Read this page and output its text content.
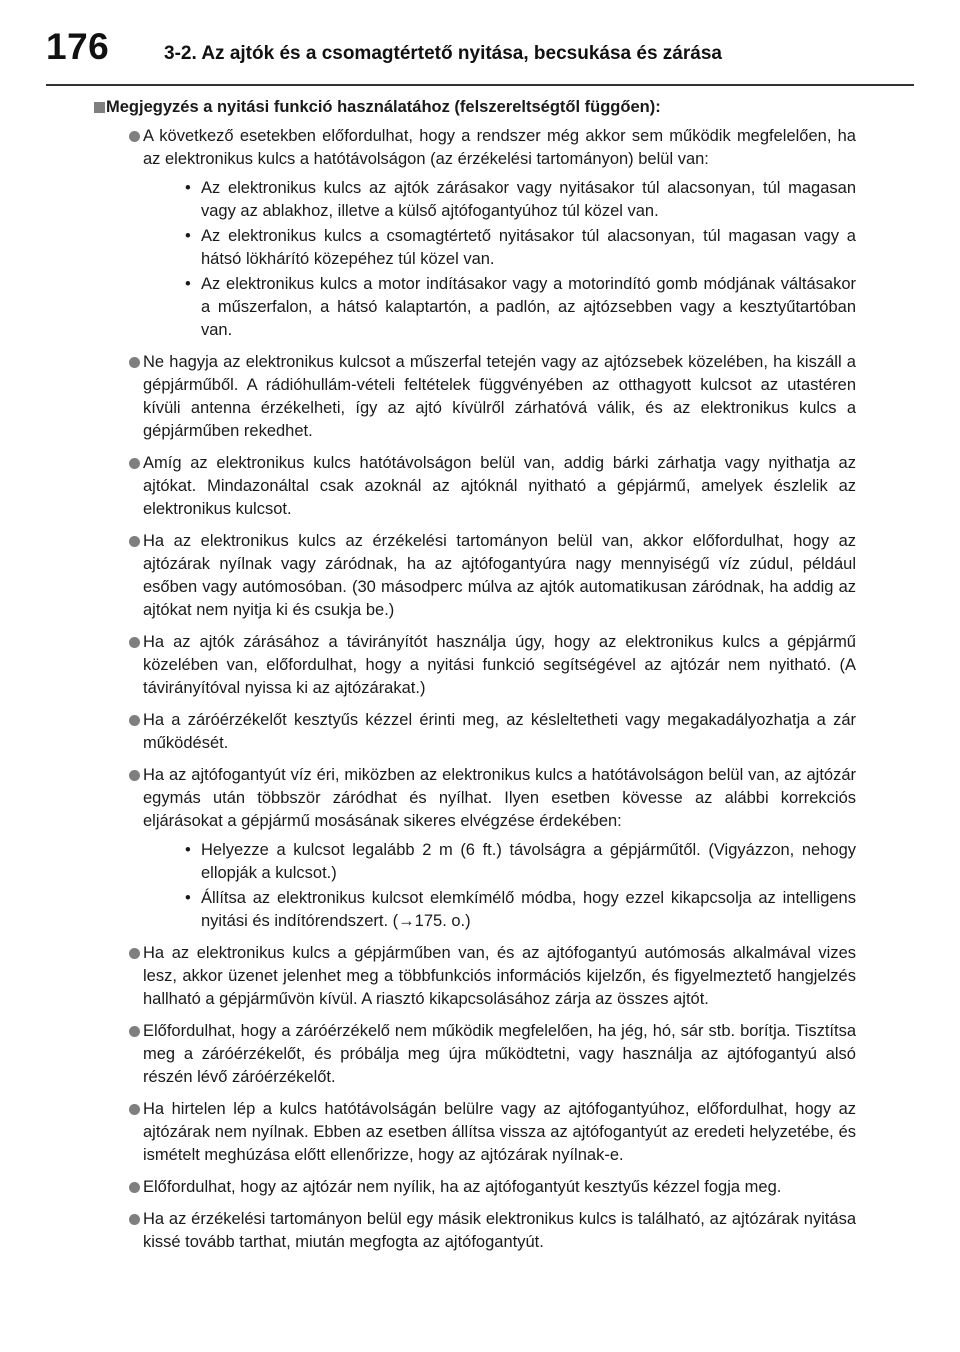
176	3-2. Az ajtók és a csomagtértető nyitása, becsukása és zárása
Megjegyzés a nyitási funkció használatához (felszereltségtől függően):
A következő esetekben előfordulhat, hogy a rendszer még akkor sem működik megfelelően, ha az elektronikus kulcs a hatótávolságon (az érzékelési tartományon) belül van:
• Az elektronikus kulcs az ajtók zárásakor vagy nyitásakor túl alacsonyan, túl magasan vagy az ablakhoz, illetve a külső ajtófogantyúhoz túl közel van.
• Az elektronikus kulcs a csomagtértető nyitásakor túl alacsonyan, túl magasan vagy a hátsó lökhárító közepéhez túl közel van.
• Az elektronikus kulcs a motor indításakor vagy a motorindító gomb módjának váltásakor a műszerfalon, a hátsó kalaptartón, a padlón, az ajtózsebben vagy a kesztyűtartóban van.
Ne hagyja az elektronikus kulcsot a műszerfal tetején vagy az ajtózsebek közelében, ha kiszáll a gépjárműből. A rádióhullám-vételi feltételek függvényében az otthagyott kulcsot az utastéren kívüli antenna érzékelheti, így az ajtó kívülről zárhatóvá válik, és az elektronikus kulcs a gépjárműben rekedhet.
Amíg az elektronikus kulcs hatótávolságon belül van, addig bárki zárhatja vagy nyithatja az ajtókat. Mindazonáltal csak azoknál az ajtóknál nyitható a gépjármű, amelyek észlelik az elektronikus kulcsot.
Ha az elektronikus kulcs az érzékelési tartományon belül van, akkor előfordulhat, hogy az ajtózárak nyílnak vagy záródnak, ha az ajtófogantyúra nagy mennyiségű víz zúdul, például esőben vagy autómosóban. (30 másodperc múlva az ajtók automatikusan záródnak, ha addig az ajtókat nem nyitja ki és csukja be.)
Ha az ajtók zárásához a távirányítót használja úgy, hogy az elektronikus kulcs a gépjármű közelében van, előfordulhat, hogy a nyitási funkció segítségével az ajtózár nem nyitható. (A távirányítóval nyissa ki az ajtózárakat.)
Ha a záróérzékelőt kesztyűs kézzel érinti meg, az késleltetheti vagy megakadályozhatja a zár működését.
Ha az ajtófogantyút víz éri, miközben az elektronikus kulcs a hatótávolságon belül van, az ajtózár egymás után többször záródhat és nyílhat. Ilyen esetben kövesse az alábbi korrekciós eljárásokat a gépjármű mosásának sikeres elvégzése érdekében:
• Helyezze a kulcsot legalább 2 m (6 ft.) távolságra a gépjárműtől. (Vigyázzon, nehogy ellopják a kulcsot.)
• Állítsa az elektronikus kulcsot elemkímélő módba, hogy ezzel kikapcsolja az intelligens nyitási és indítórendszert. (→175. o.)
Ha az elektronikus kulcs a gépjárműben van, és az ajtófogantyú autómosás alkalmával vizes lesz, akkor üzenet jelenhet meg a többfunkciós információs kijelzőn, és figyelmeztető hangjelzés hallható a gépjárművön kívül. A riasztó kikapcsolásához zárja az összes ajtót.
Előfordulhat, hogy a záróérzékelő nem működik megfelelően, ha jég, hó, sár stb. borítja. Tisztítsa meg a záróérzékelőt, és próbálja meg újra működtetni, vagy használja az ajtófogantyú alsó részén lévő záróérzékelőt.
Ha hirtelen lép a kulcs hatótávolságán belülre vagy az ajtófogantyúhoz, előfordulhat, hogy az ajtózárak nem nyílnak. Ebben az esetben állítsa vissza az ajtófogantyút az eredeti helyzetébe, és ismételt meghúzása előtt ellenőrizze, hogy az ajtózárak nyílnak-e.
Előfordulhat, hogy az ajtózár nem nyílik, ha az ajtófogantyút kesztyűs kézzel fogja meg.
Ha az érzékelési tartományon belül egy másik elektronikus kulcs is található, az ajtózárak nyitása kissé tovább tarthat, miután megfogta az ajtófogantyút.
